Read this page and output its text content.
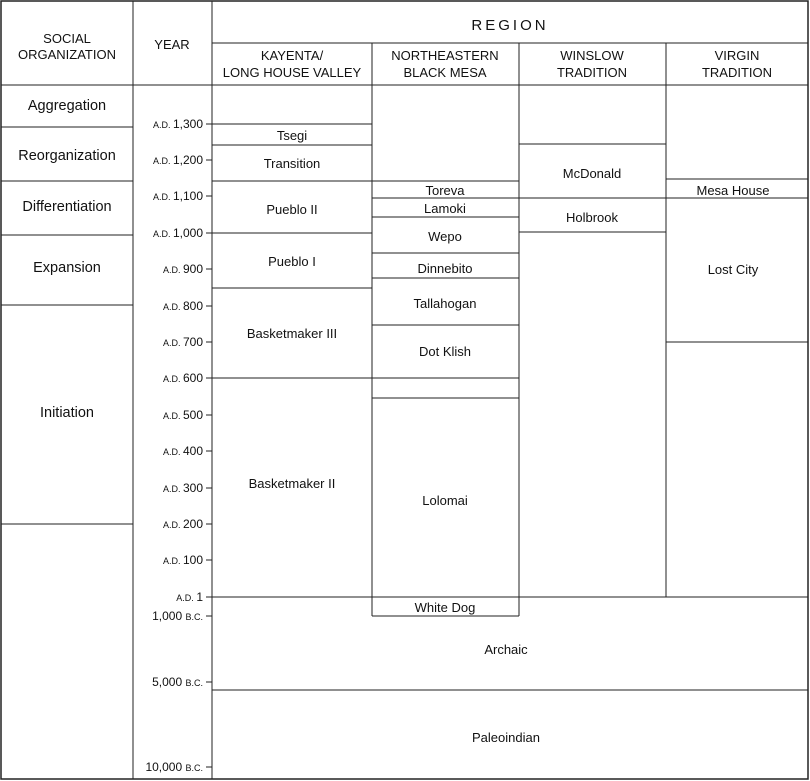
SOCIAL
ORGANIZATION
YEAR
REGION
KAYENTA/
LONG HOUSE VALLEY
NORTHEASTERN
BLACK MESA
WINSLOW
TRADITION
VIRGIN
TRADITION
Aggregation
Reorganization
Differentiation
Expansion
Initiation
A.D. 1,300
A.D. 1,200
A.D. 1,100
A.D. 1,000
A.D. 900
A.D. 800
A.D. 700
A.D. 600
A.D. 500
A.D. 400
A.D. 300
A.D. 200
A.D. 100
A.D. 1
1,000 B.C.
5,000 B.C.
10,000 B.C.
Tsegi
Transition
Pueblo II
Pueblo I
Basketmaker III
Basketmaker II
Toreva
Lamoki
Wepo
Dinnebito
Tallahogan
Dot Klish
Lolomai
White Dog
McDonald
Holbrook
Mesa House
Lost City
Archaic
Paleoindian
